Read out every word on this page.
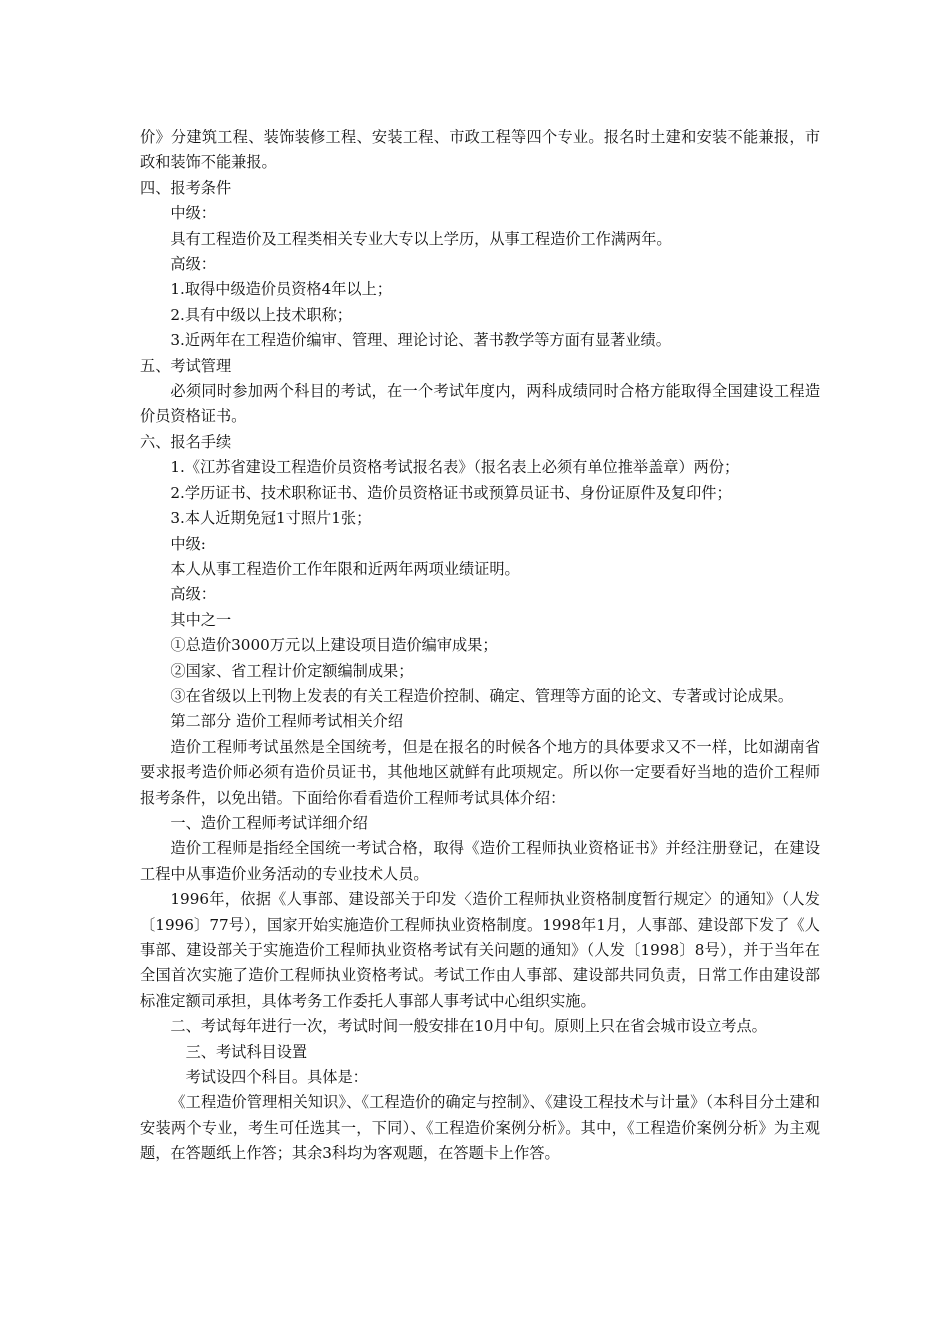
价》分建筑工程、装饰装修工程、安装工程、市政工程等四个专业。报名时土建和安装不能兼报，市政和装饰不能兼报。

四、报考条件

中级：

具有工程造价及工程类相关专业大专以上学历，从事工程造价工作满两年。

高级：

1.取得中级造价员资格4年以上；

2.具有中级以上技术职称；

3.近两年在工程造价编审、管理、理论讨论、著书教学等方面有显著业绩。

五、考试管理

必须同时参加两个科目的考试，在一个考试年度内，两科成绩同时合格方能取得全国建设工程造价员资格证书。

六、报名手续

1.《江苏省建设工程造价员资格考试报名表》（报名表上必须有单位推举盖章）两份；

2.学历证书、技术职称证书、造价员资格证书或预算员证书、身份证原件及复印件；

3.本人近期免冠1寸照片1张；

中级:

本人从事工程造价工作年限和近两年两项业绩证明。

高级：

其中之一

①总造价3000万元以上建设项目造价编审成果；

②国家、省工程计价定额编制成果；

③在省级以上刊物上发表的有关工程造价控制、确定、管理等方面的论文、专著或讨论成果。

第二部分 造价工程师考试相关介绍

造价工程师考试虽然是全国统考，但是在报名的时候各个地方的具体要求又不一样，比如湖南省要求报考造价师必须有造价员证书，其他地区就鲜有此项规定。所以你一定要看好当地的造价工程师报考条件，以免出错。下面给你看看造价工程师考试具体介绍：

一、造价工程师考试详细介绍

造价工程师是指经全国统一考试合格，取得《造价工程师执业资格证书》并经注册登记，在建设工程中从事造价业务活动的专业技术人员。

1996年，依据《人事部、建设部关于印发〈造价工程师执业资格制度暂行规定〉的通知》（人发〔1996〕77号），国家开始实施造价工程师执业资格制度。1998年1月，人事部、建设部下发了《人事部、建设部关于实施造价工程师执业资格考试有关问题的通知》（人发〔1998〕8号），并于当年在全国首次实施了造价工程师执业资格考试。考试工作由人事部、建设部共同负责，日常工作由建设部标准定额司承担，具体考务工作委托人事部人事考试中心组织实施。

二、考试每年进行一次，考试时间一般安排在10月中旬。原则上只在省会城市设立考点。

三、考试科目设置

考试设四个科目。具体是：

《工程造价管理相关知识》、《工程造价的确定与控制》、《建设工程技术与计量》（本科目分土建和安装两个专业，考生可任选其一，下同）、《工程造价案例分析》。其中，《工程造价案例分析》为主观题，在答题纸上作答；其余3科均为客观题，在答题卡上作答。
